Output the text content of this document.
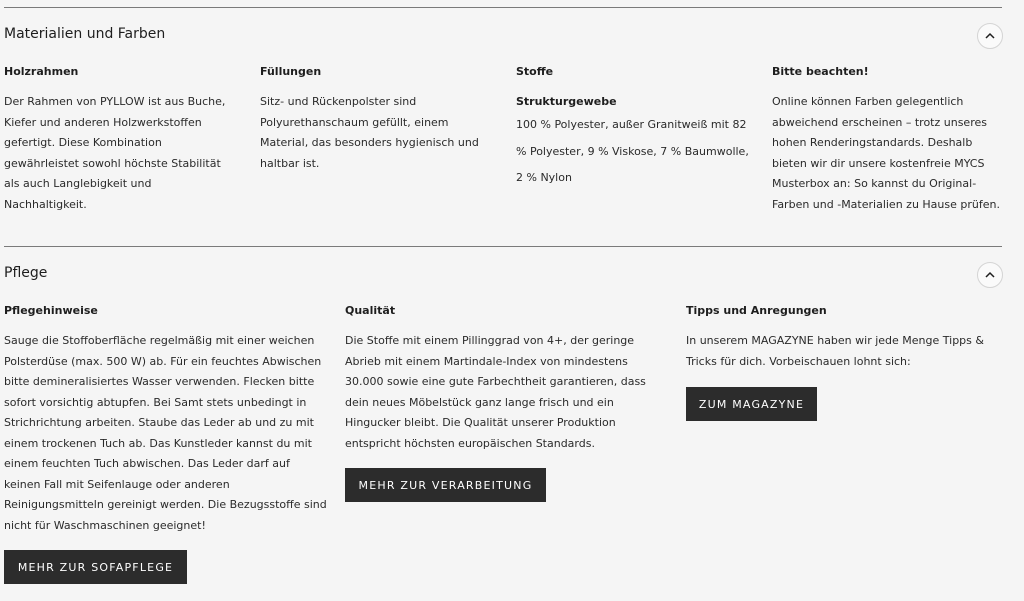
Materialien und Farben
Holzrahmen

Der Rahmen von PYLLOW ist aus Buche, Kiefer und anderen Holzwerkstoffen gefertigt. Diese Kombination gewährleistet sowohl höchste Stabilität als auch Langlebigkeit und Nachhaltigkeit.

Füllungen

Sitz- und Rückenpolster sind Polyurethanschaum gefüllt, einem Material, das besonders hygienisch und haltbar ist.

Stoffe
Strukturgewebe
100 % Polyester, außer Granitweiß mit 82 % Polyester, 9 % Viskose, 7 % Baumwolle, 2 % Nylon
Bitte beachten!

Online können Farben gelegentlich abweichend erscheinen – trotz unseres hohen Renderingstandards. Deshalb bieten wir dir unsere kostenfreie MYCS Musterbox an: So kannst du Original-Farben und -Materialien zu Hause prüfen.

Pflege
Pflegehinweise

Sauge die Stoffoberfläche regelmäßig mit einer weichen Polsterdüse (max. 500 W) ab. Für ein feuchtes Abwischen bitte demineralisiertes Wasser verwenden. Flecken bitte sofort vorsichtig abtupfen. Bei Samt stets unbedingt in Strichrichtung arbeiten. Staube das Leder ab und zu mit einem trockenen Tuch ab. Das Kunstleder kannst du mit einem feuchten Tuch abwischen. Das Leder darf auf keinen Fall mit Seifenlauge oder anderen Reinigungsmitteln gereinigt werden. Die Bezugsstoffe sind nicht für Waschmaschinen geeignet!

MEHR ZUR SOFAPFLEGE
Qualität

Die Stoffe mit einem Pillinggrad von 4+, der geringe Abrieb mit einem Martindale-Index von mindestens 30.000 sowie eine gute Farbechtheit garantieren, dass dein neues Möbelstück ganz lange frisch und ein Hingucker bleibt. Die Qualität unserer Produktion entspricht höchsten europäischen Standards.

MEHR ZUR VERARBEITUNG
Tipps und Anregungen

In unserem MAGAZYNE haben wir jede Menge Tipps & Tricks für dich. Vorbeischauen lohnt sich:

ZUM MAGAZYNE
